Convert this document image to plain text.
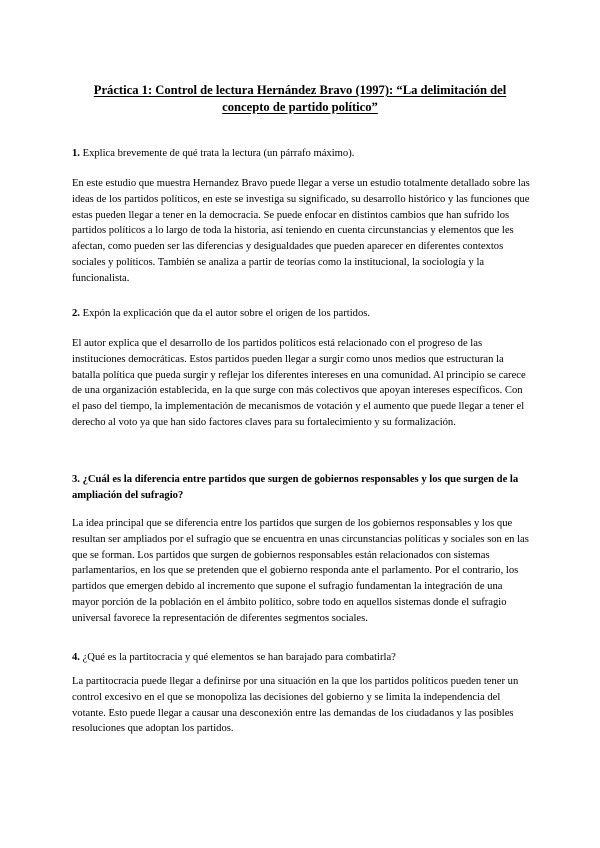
Práctica 1: Control de lectura Hernández Bravo (1997): “La delimitación del concepto de partido político”

1. Explica brevemente de qué trata la lectura (un párrafo máximo).

En este estudio que muestra Hernandez Bravo puede llegar a verse un estudio totalmente detallado sobre las ideas de los partidos políticos, en este se investiga su significado, su desarrollo histórico y las funciones que estas pueden llegar a tener en la democracia. Se puede enfocar en distintos cambios que han sufrido los partidos políticos a lo largo de toda la historia, así teniendo en cuenta circunstancias y elementos que les afectan, como pueden ser las diferencias y desigualdades que pueden aparecer en diferentes contextos sociales y políticos. También se analiza a partir de teorías como la institucional, la sociología y la funcionalista.

2. Expón la explicación que da el autor sobre el origen de los partidos.

El autor explica que el desarrollo de los partidos políticos está relacionado con el progreso de las instituciones democráticas. Estos partidos pueden llegar a surgir como unos medios que estructuran la batalla política que pueda surgir y reflejar los diferentes intereses en una comunidad. Al principio se carece de una organización establecida, en la que surge con más colectivos que apoyan intereses específicos. Con el paso del tiempo, la implementación de mecanismos de votación y el aumento que puede llegar a tener el derecho al voto ya que han sido factores claves para su fortalecimiento y su formalización.

3. ¿Cuál es la diferencia entre partidos que surgen de gobiernos responsables y los que surgen de la ampliación del sufragio?

La idea principal que se diferencia entre los partidos que surgen de los gobiernos responsables y los que resultan ser ampliados por el sufragio que se encuentra en unas circunstancias políticas y sociales son en las que se forman. Los partidos que surgen de gobiernos responsables están relacionados con sistemas parlamentarios, en los que se pretenden que el gobierno responda ante el parlamento. Por el contrario, los partidos que emergen debido al incremento que supone el sufragio fundamentan la integración de una mayor porción de la población en el ámbito político, sobre todo en aquellos sistemas donde el sufragio universal favorece la representación de diferentes segmentos sociales.

4. ¿Qué es la partitocracia y qué elementos se han barajado para combatirla?

La partitocracia puede llegar a definirse por una situación en la que los partidos políticos pueden tener un control excesivo en el que se monopoliza las decisiones del gobierno y se limita la independencia del votante. Esto puede llegar a causar una desconexión entre las demandas de los ciudadanos y las posibles resoluciones que adoptan los partidos.
